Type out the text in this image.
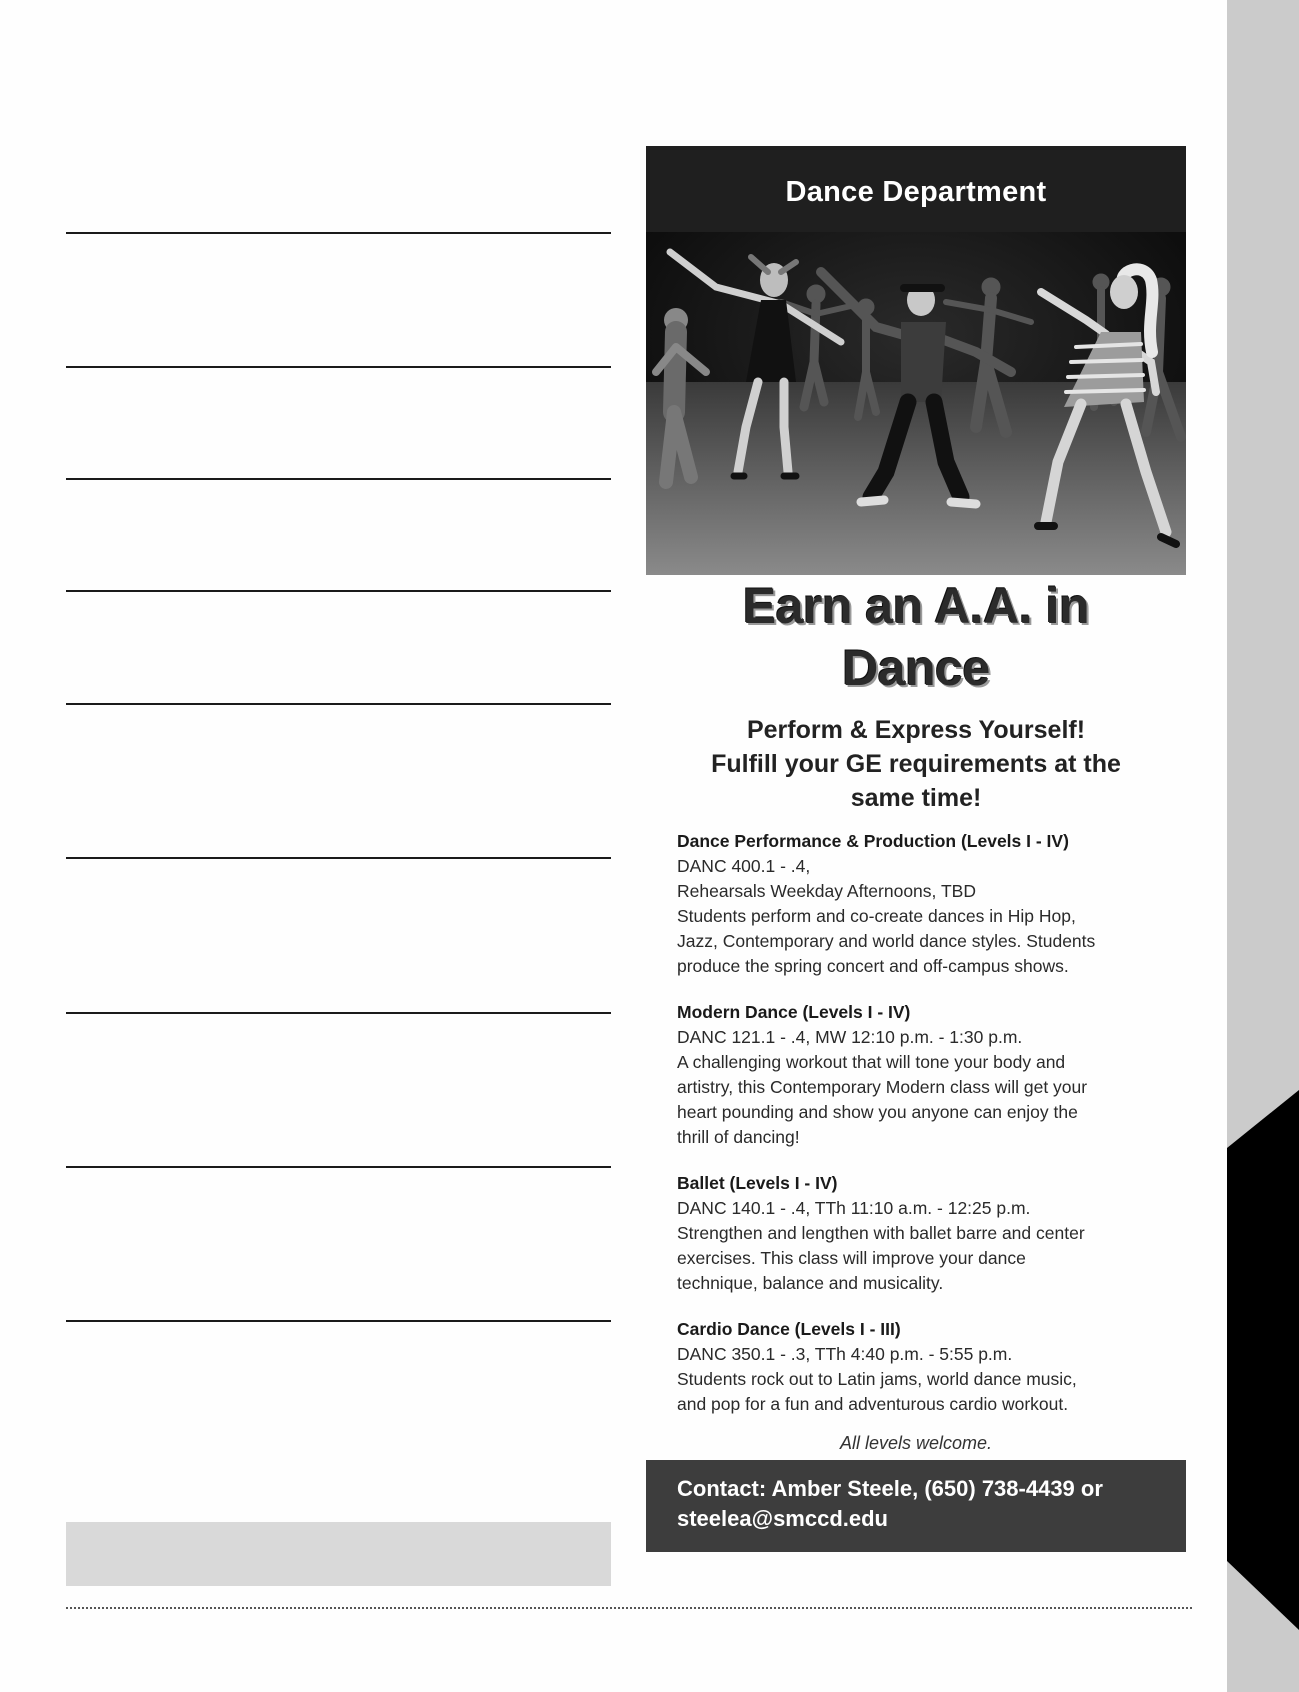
Dance Department
Earn an A.A. in
Dance

Perform & Express Yourself!
Fulfill your GE requirements at the
same time!

Dance Performance & Production (Levels I - IV)
DANC 400.1 - .4,
Rehearsals Weekday Afternoons, TBD
Students perform and co-create dances in Hip Hop,
Jazz, Contemporary and world dance styles. Students
produce the spring concert and off-campus shows.
Modern Dance (Levels I - IV)
DANC 121.1 - .4, MW 12:10 p.m. - 1:30 p.m.
A challenging workout that will tone your body and
artistry, this Contemporary Modern class will get your
heart pounding and show you anyone can enjoy the
thrill of dancing!
Ballet (Levels I - IV)
DANC 140.1 - .4, TTh 11:10 a.m. - 12:25 p.m.
Strengthen and lengthen with ballet barre and center
exercises. This class will improve your dance
technique, balance and musicality.
Cardio Dance (Levels I - III)
DANC 350.1 - .3, TTh 4:40 p.m. - 5:55 p.m.
Students rock out to Latin jams, world dance music,
and pop for a fun and adventurous cardio workout.
All levels welcome.
Contact: Amber Steele, (650) 738-4439 or
steelea@smccd.edu
